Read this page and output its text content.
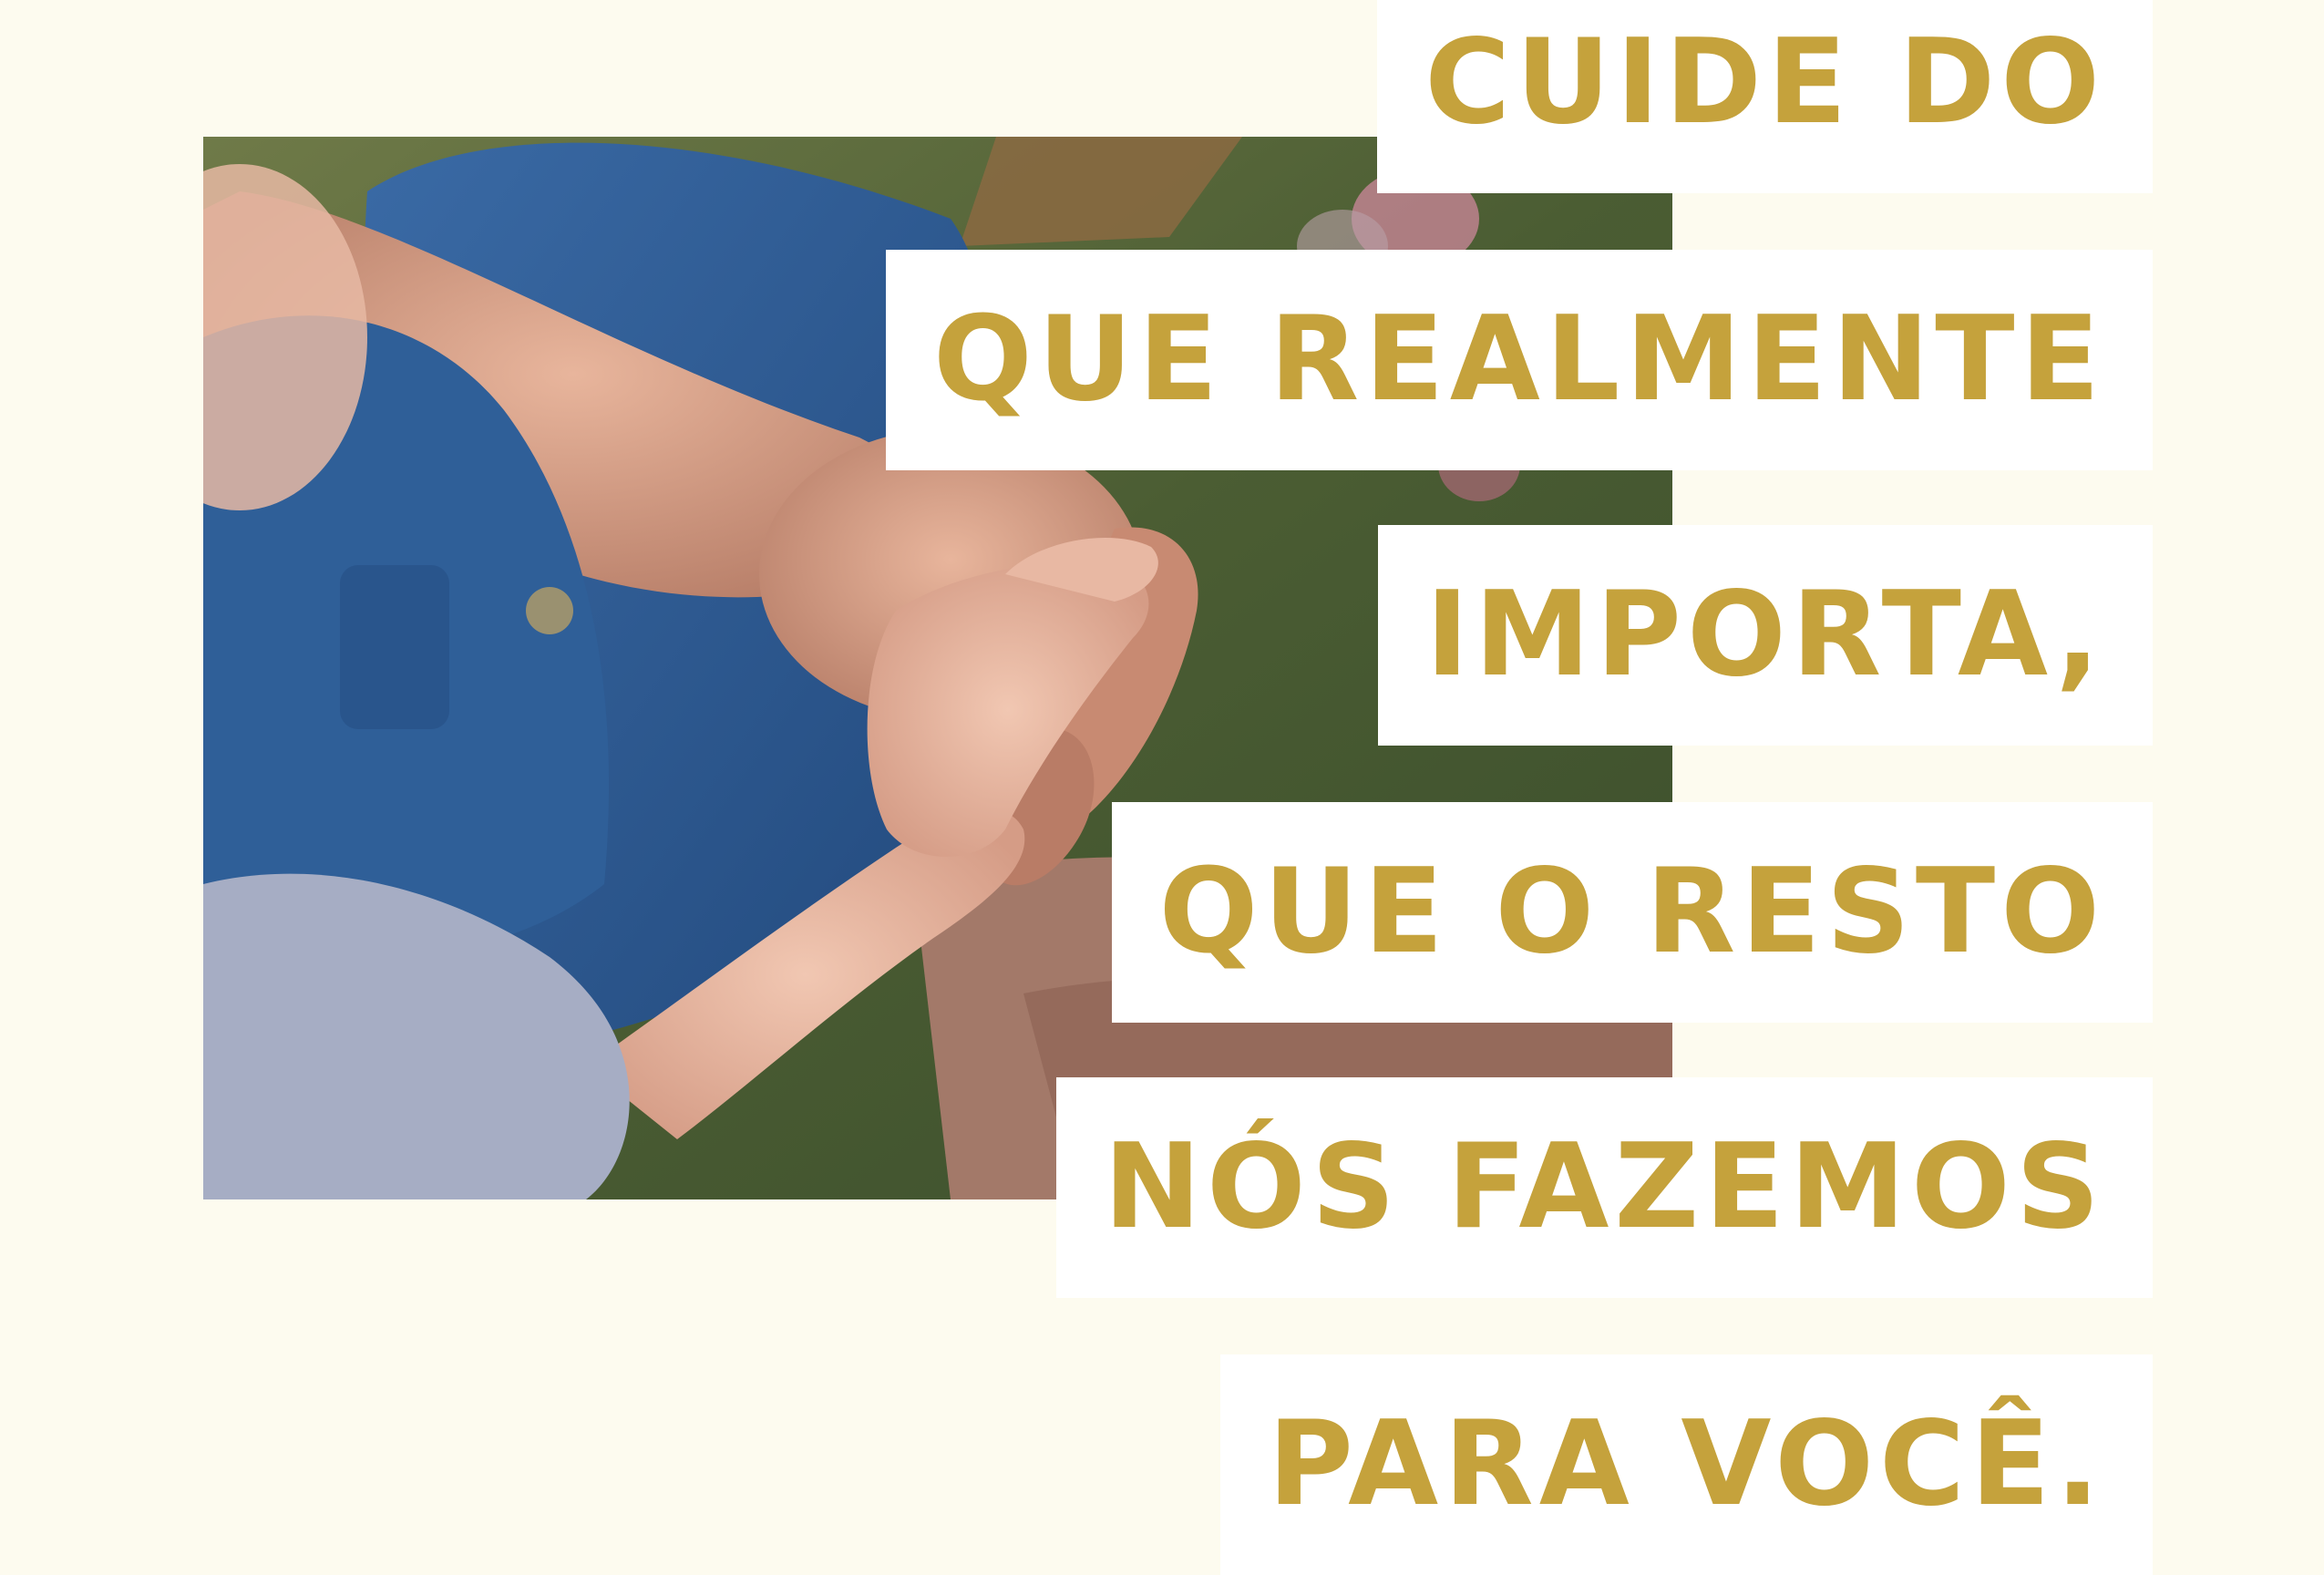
CUIDE DO
QUE REALMENTE
IMPORTA,
QUE O RESTO
NÓS FAZEMOS
PARA VOCÊ.
